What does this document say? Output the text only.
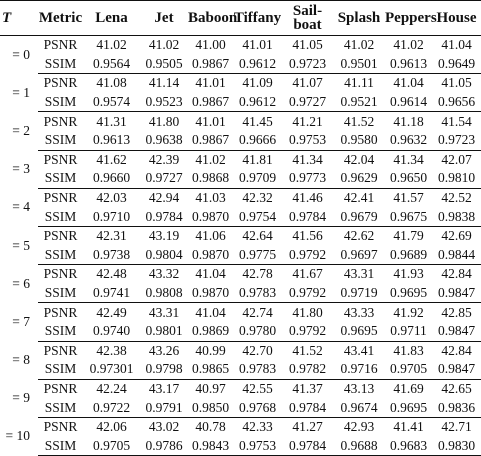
T	Metric	Lena	Jet	Baboon	Tiffany	Sail-
boat	Splash	Peppers	House
= 0	PSNR	41.02	41.02	41.00	41.01	41.05	41.02	41.02	41.04
	SSIM	0.9564	0.9505	0.9867	0.9612	0.9723	0.9501	0.9613	0.9649
= 1	PSNR	41.08	41.14	41.01	41.09	41.07	41.11	41.04	41.05
	SSIM	0.9574	0.9523	0.9867	0.9612	0.9727	0.9521	0.9614	0.9656
= 2	PSNR	41.31	41.80	41.01	41.45	41.21	41.52	41.18	41.54
	SSIM	0.9613	0.9638	0.9867	0.9666	0.9753	0.9580	0.9632	0.9723
= 3	PSNR	41.62	42.39	41.02	41.81	41.34	42.04	41.34	42.07
	SSIM	0.9660	0.9727	0.9868	0.9709	0.9773	0.9629	0.9650	0.9810
= 4	PSNR	42.03	42.94	41.03	42.32	41.46	42.41	41.57	42.52
	SSIM	0.9710	0.9784	0.9870	0.9754	0.9784	0.9679	0.9675	0.9838
= 5	PSNR	42.31	43.19	41.06	42.64	41.56	42.62	41.79	42.69
	SSIM	0.9738	0.9804	0.9870	0.9775	0.9792	0.9697	0.9689	0.9844
= 6	PSNR	42.48	43.32	41.04	42.78	41.67	43.31	41.93	42.84
	SSIM	0.9741	0.9808	0.9870	0.9783	0.9792	0.9719	0.9695	0.9847
= 7	PSNR	42.49	43.31	41.04	42.74	41.80	43.33	41.92	42.85
	SSIM	0.9740	0.9801	0.9869	0.9780	0.9792	0.9695	0.9711	0.9847
= 8	PSNR	42.38	43.26	40.99	42.70	41.52	43.41	41.83	42.84
	SSIM	0.97301	0.9798	0.9865	0.9783	0.9782	0.9716	0.9705	0.9847
= 9	PSNR	42.24	43.17	40.97	42.55	41.37	43.13	41.69	42.65
	SSIM	0.9722	0.9791	0.9850	0.9768	0.9784	0.9674	0.9695	0.9836
= 10	PSNR	42.06	43.02	40.78	42.33	41.27	42.93	41.41	42.71
	SSIM	0.9705	0.9786	0.9843	0.9753	0.9784	0.9688	0.9683	0.9830
